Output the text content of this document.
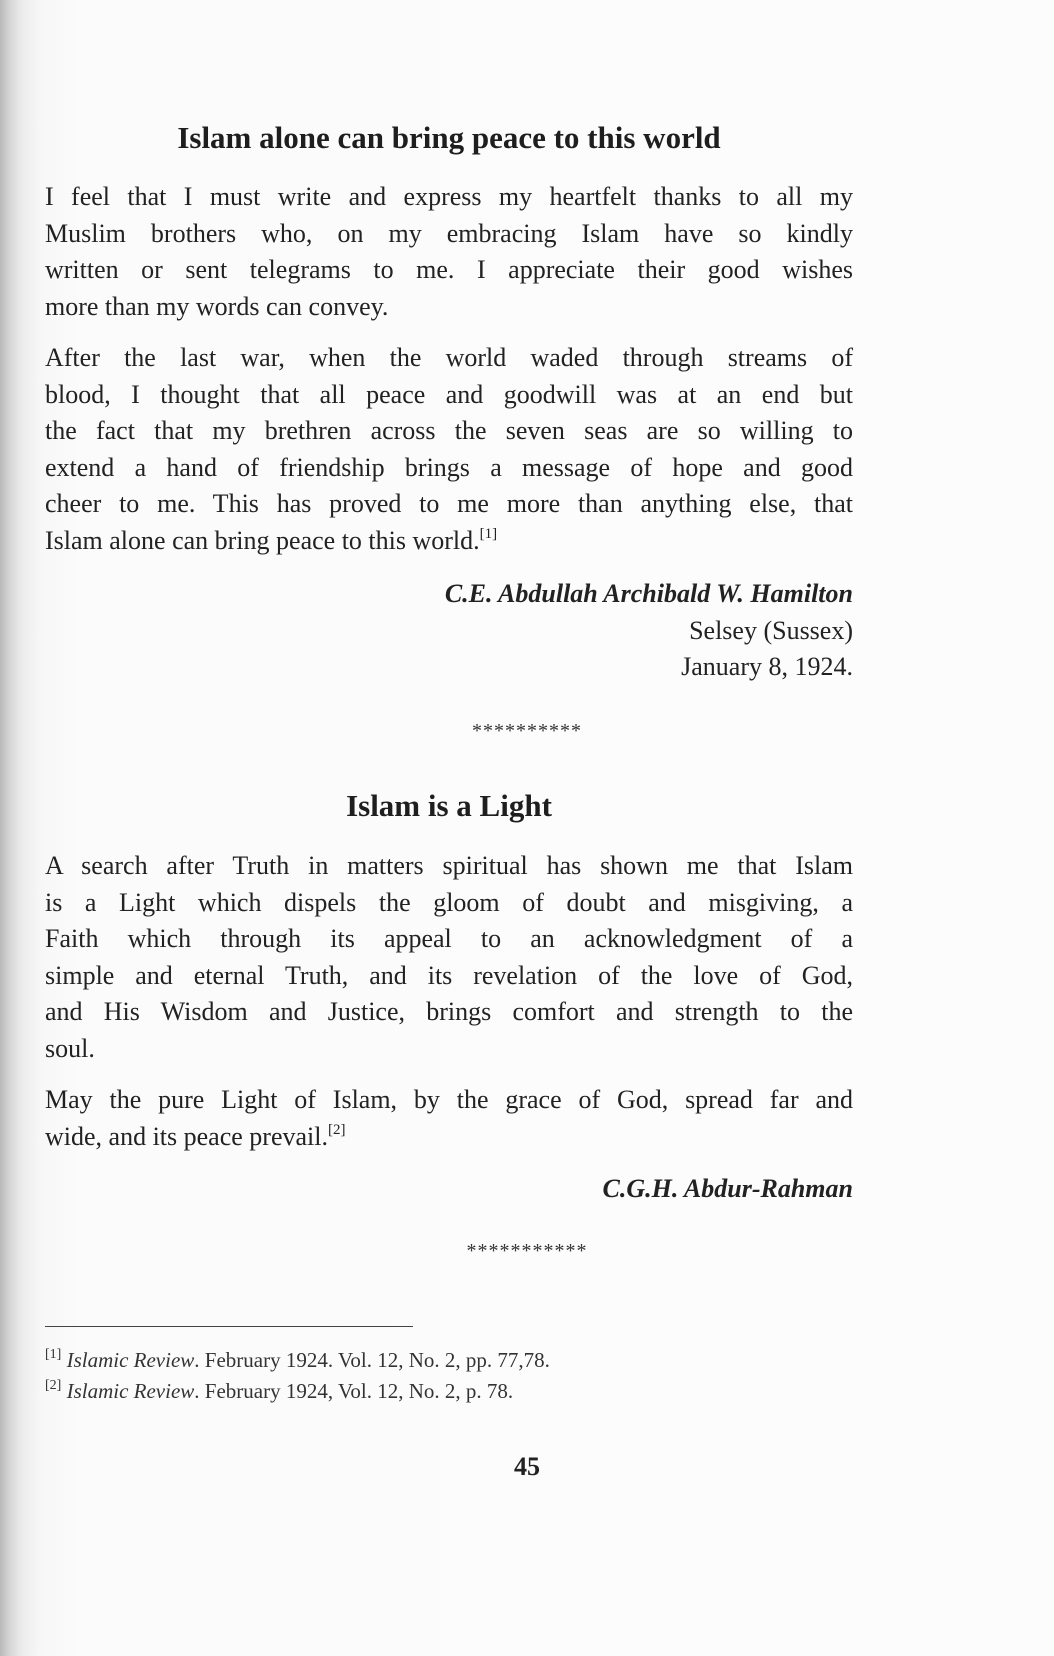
Islam alone can bring peace to this world
I feel that I must write and express my heartfelt thanks to all my
Muslim brothers who, on my embracing Islam have so kindly
written or sent telegrams to me. I appreciate their good wishes
more than my words can convey.
After the last war, when the world waded through streams of
blood, I thought that all peace and goodwill was at an end but
the fact that my brethren across the seven seas are so willing to
extend a hand of friendship brings a message of hope and good
cheer to me. This has proved to me more than anything else, that
Islam alone can bring peace to this world.[1]
C.E. Abdullah Archibald W. Hamilton
Selsey (Sussex)
January 8, 1924.
**********
Islam is a Light
A search after Truth in matters spiritual has shown me that Islam
is a Light which dispels the gloom of doubt and misgiving, a
Faith which through its appeal to an acknowledgment of a
simple and eternal Truth, and its revelation of the love of God,
and His Wisdom and Justice, brings comfort and strength to the
soul.
May the pure Light of Islam, by the grace of God, spread far and
wide, and its peace prevail.[2]
C.G.H. Abdur-Rahman
***********
[1] Islamic Review. February 1924. Vol. 12, No. 2, pp. 77,78.
[2] Islamic Review. February 1924, Vol. 12, No. 2, p. 78.
45
